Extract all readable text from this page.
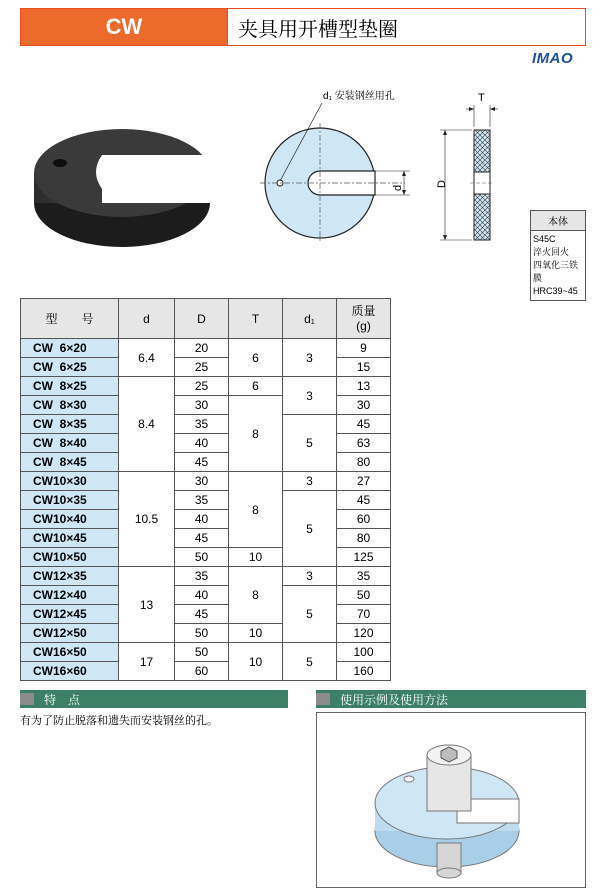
CW	夹具用开槽型垫圈
IMAO
d₁ 安装钢丝用孔
d
T
D
本体
S45C
淬火回火
四氧化三铁膜
HRC39~45
型　　号	d	D	T	d₁	质量
(g)
CW  6×20	6.4	20	6	3	9
CW  6×25		25			15
CW  8×25	8.4	25	6	3	13
CW  8×30		30	8		30
CW  8×35		35		5	45
CW  8×40		40			63
CW  8×45		45			80
CW10×30	10.5	30	8	3	27
CW10×35		35		5	45
CW10×40		40			60
CW10×45		45			80
CW10×50		50	10		125
CW12×35	13	35	8	3	35
CW12×40		40		5	50
CW12×45		45			70
CW12×50		50	10		120
CW16×50	17	50	10	5	100
CW16×60		60			160
特　点
有为了防止脱落和遗失而安装钢丝的孔。
使用示例及使用方法
